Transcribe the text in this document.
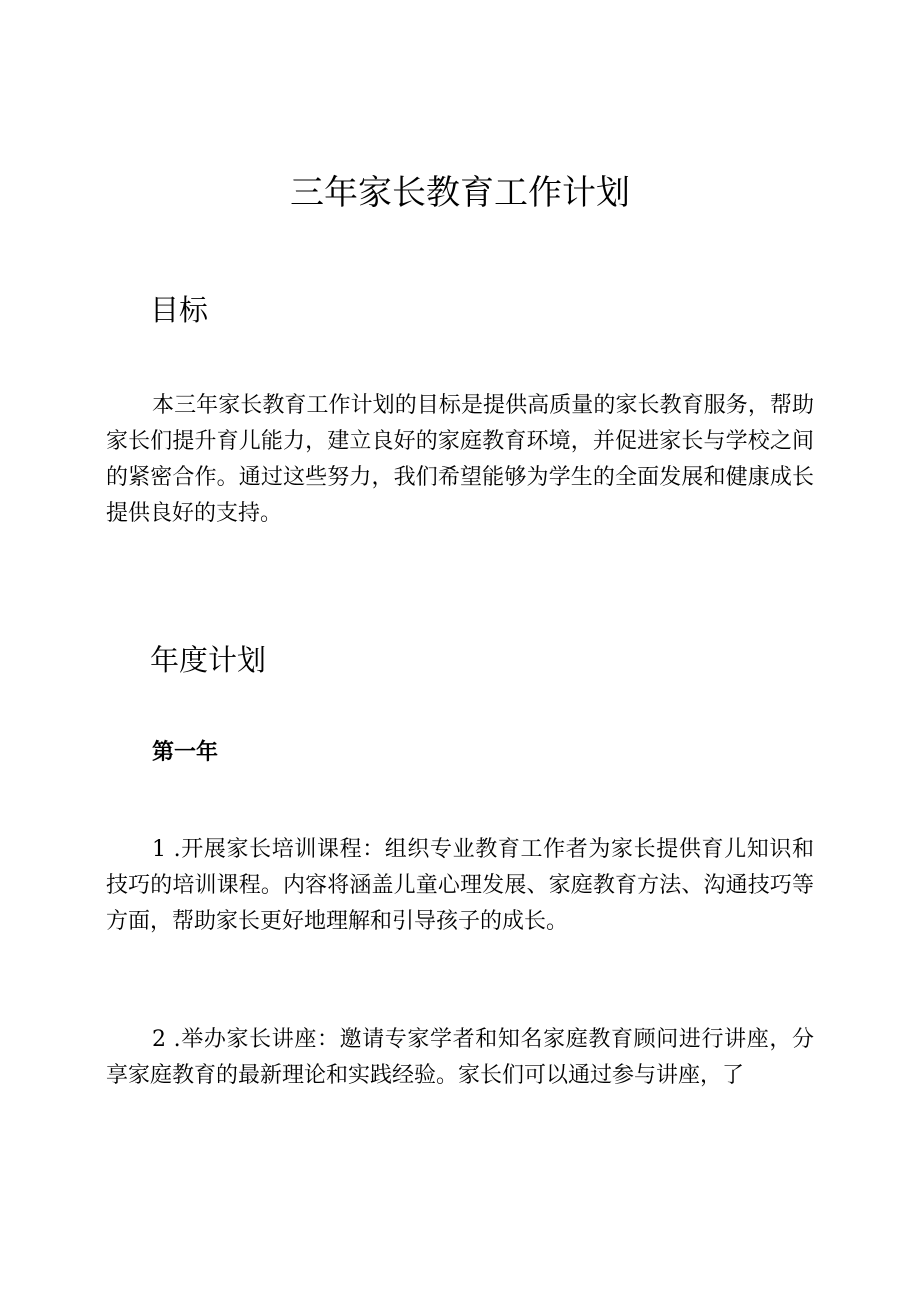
三年家长教育工作计划
目标

本三年家长教育工作计划的目标是提供高质量的家长教育服务，帮助家长们提升育儿能力，建立良好的家庭教育环境，并促进家长与学校之间的紧密合作。通过这些努力，我们希望能够为学生的全面发展和健康成长提供良好的支持。

年度计划
第一年

1 .开展家长培训课程：组织专业教育工作者为家长提供育儿知识和技巧的培训课程。内容将涵盖儿童心理发展、家庭教育方法、沟通技巧等方面，帮助家长更好地理解和引导孩子的成长。

2 .举办家长讲座：邀请专家学者和知名家庭教育顾问进行讲座，分享家庭教育的最新理论和实践经验。家长们可以通过参与讲座，了
